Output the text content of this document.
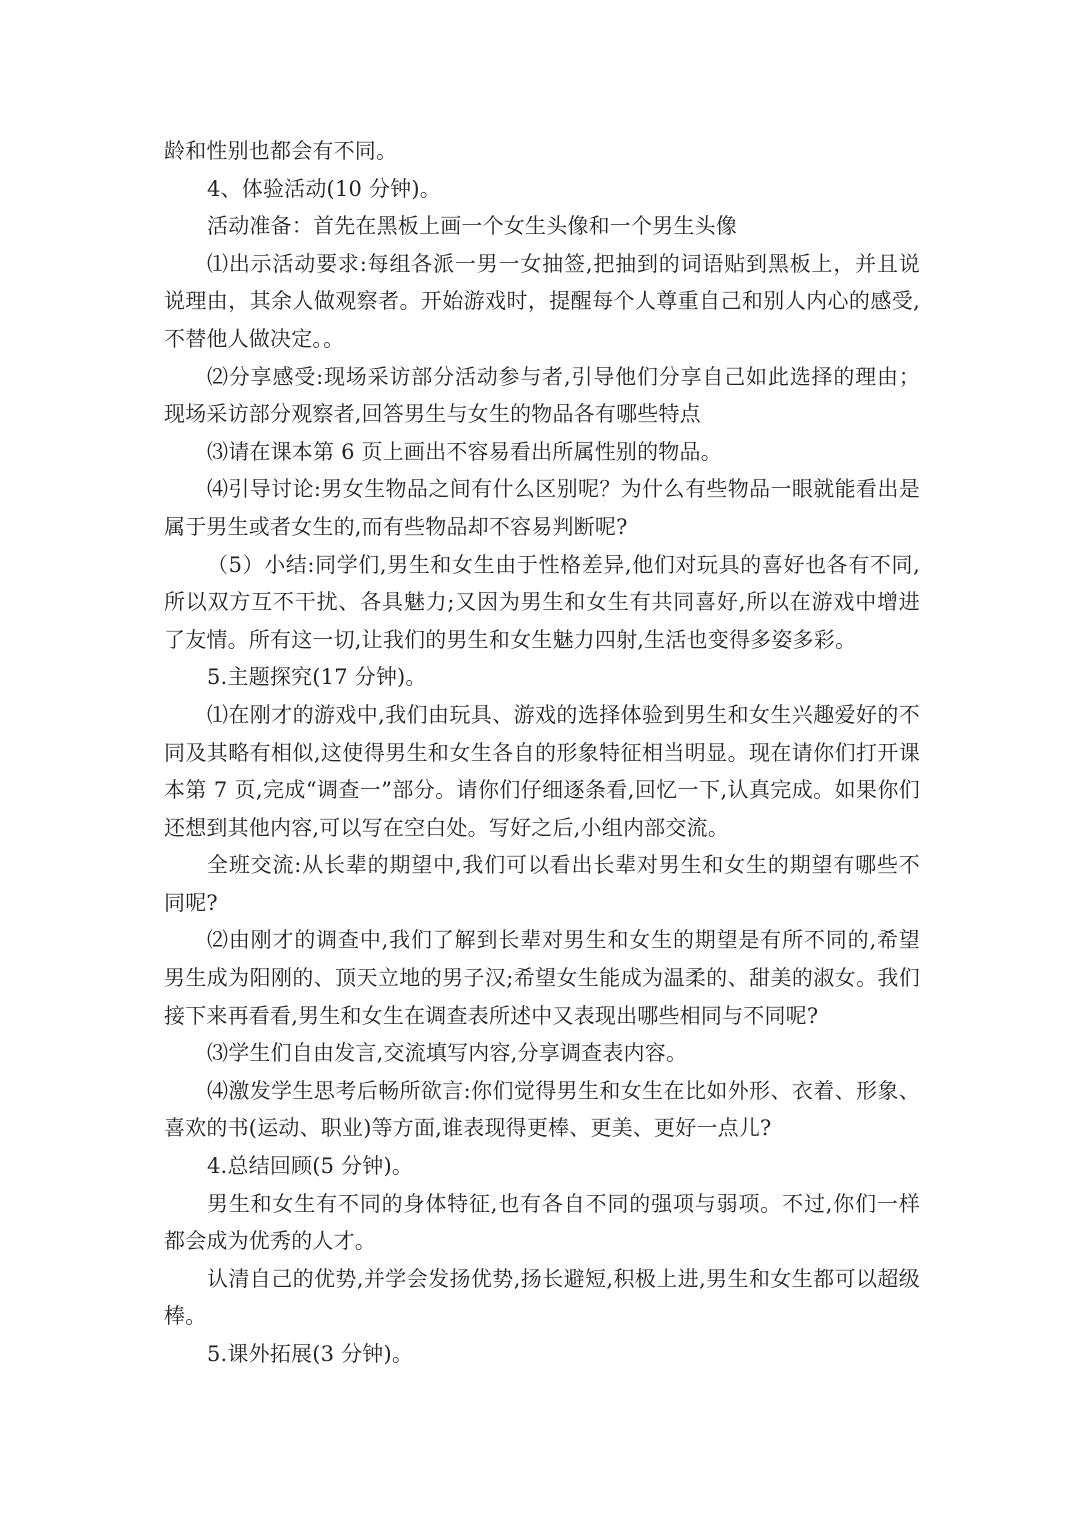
龄和性别也都会有不同。

4、体验活动(10 分钟)。

活动准备：首先在黑板上画一个女生头像和一个男生头像

⑴出示活动要求:每组各派一男一女抽签,把抽到的词语贴到黑板上，并且说说理由，其余人做观察者。开始游戏时，提醒每个人尊重自己和别人内心的感受,不替他人做决定。。

⑵分享感受:现场采访部分活动参与者,引导他们分享自己如此选择的理由；现场采访部分观察者,回答男生与女生的物品各有哪些特点

⑶请在课本第 6 页上画出不容易看出所属性别的物品。

⑷引导讨论:男女生物品之间有什么区别呢？为什么有些物品一眼就能看出是属于男生或者女生的,而有些物品却不容易判断呢?

（5）小结:同学们,男生和女生由于性格差异,他们对玩具的喜好也各有不同,所以双方互不干扰、各具魅力;又因为男生和女生有共同喜好,所以在游戏中增进了友情。所有这一切,让我们的男生和女生魅力四射,生活也变得多姿多彩。

5.主题探究(17 分钟)。

⑴在刚才的游戏中,我们由玩具、游戏的选择体验到男生和女生兴趣爱好的不同及其略有相似,这使得男生和女生各自的形象特征相当明显。现在请你们打开课本第 7 页,完成“调查一”部分。请你们仔细逐条看,回忆一下,认真完成。如果你们还想到其他内容,可以写在空白处。写好之后,小组内部交流。

全班交流:从长辈的期望中,我们可以看出长辈对男生和女生的期望有哪些不同呢?

⑵由刚才的调查中,我们了解到长辈对男生和女生的期望是有所不同的,希望男生成为阳刚的、顶天立地的男子汉;希望女生能成为温柔的、甜美的淑女。我们接下来再看看,男生和女生在调查表所述中又表现出哪些相同与不同呢?

⑶学生们自由发言,交流填写内容,分享调查表内容。

⑷激发学生思考后畅所欲言:你们觉得男生和女生在比如外形、衣着、形象、喜欢的书(运动、职业)等方面,谁表现得更棒、更美、更好一点儿?

4.总结回顾(5 分钟)。

男生和女生有不同的身体特征,也有各自不同的强项与弱项。不过,你们一样都会成为优秀的人才。

认清自己的优势,并学会发扬优势,扬长避短,积极上进,男生和女生都可以超级棒。

5.课外拓展(3 分钟)。
